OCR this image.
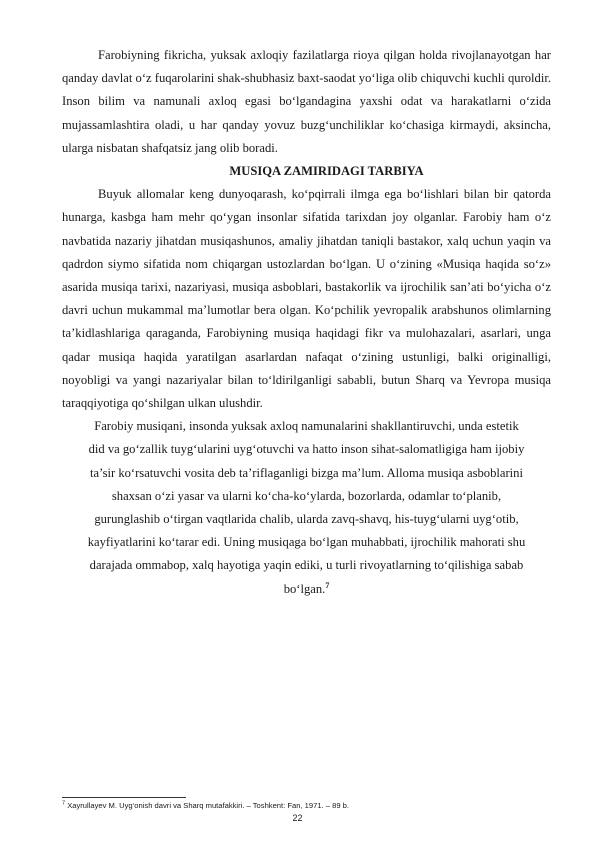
Farobiyning fikricha, yuksak axloqiy fazilatlarga rioya qilgan holda rivojlanayotgan har qanday davlat o‘z fuqarolarini shak-shubhasiz baxt-saodat yo‘liga olib chiquvchi kuchli quroldir. Inson bilim va namunali axloq egasi bo‘lgandagina yaxshi odat va harakatlarni o‘zida mujassamlashtira oladi, u har qanday yovuz buzg‘unchiliklar ko‘chasiga kirmaydi, aksincha, ularga nisbatan shafqatsiz jang olib boradi.

MUSIQA ZAMIRIDAGI TARBIYA

Buyuk allomalar keng dunyoqarash, ko‘pqirrali ilmga ega bo‘lishlari bilan bir qatorda hunarga, kasbga ham mehr qo‘ygan insonlar sifatida tarixdan joy olganlar. Farobiy ham o‘z navbatida nazariy jihatdan musiqashunos, amaliy jihatdan taniqli bastakor, xalq uchun yaqin va qadrdon siymo sifatida nom chiqargan ustozlardan bo‘lgan. U o‘zining «Musiqa haqida so‘z» asarida musiqa tarixi, nazariyasi, musiqa asboblari, bastakorlik va ijrochilik san’ati bo‘yicha o‘z davri uchun mukammal ma’lumotlar bera olgan. Ko‘pchilik yevropalik arabshunos olimlarning ta’kidlashlariga qaraganda, Farobiyning musiqa haqidagi fikr va mulohazalari, asarlari, unga qadar musiqa haqida yaratilgan asarlardan nafaqat o‘zining ustunligi, balki originalligi, noyobligi va yangi nazariyalar bilan to‘ldirilganligi sababli, butun Sharq va Yevropa musiqa taraqqiyotiga qo‘shilgan ulkan ulushdir.

Farobiy musiqani, insonda yuksak axloq namunalarini shakllantiruvchi, unda estetik

did va go‘zallik tuyg‘ularini uyg‘otuvchi va hatto inson sihat-salomatligiga ham ijobiy

ta’sir ko‘rsatuvchi vosita deb ta’riflaganligi bizga ma’lum. Alloma musiqa asboblarini

shaxsan o‘zi yasar va ularni ko‘cha-ko‘ylarda, bozorlarda, odamlar to‘planib,

gurunglashib o‘tirgan vaqtlarida chalib, ularda zavq-shavq, his-tuyg‘ularni uyg‘otib,

kayfiyatlarini ko‘tarar edi. Uning musiqaga bo‘lgan muhabbati, ijrochilik mahorati shu

darajada ommabop, xalq hayotiga yaqin ediki, u turli rivoyatlarning to‘qilishiga sabab

bo‘lgan.$^7$

$^7$ Xayrullayev M. Uyg‘onish davri va Sharq mutafakkiri. – Toshkent: Fan, 1971. – 89 b.
22
